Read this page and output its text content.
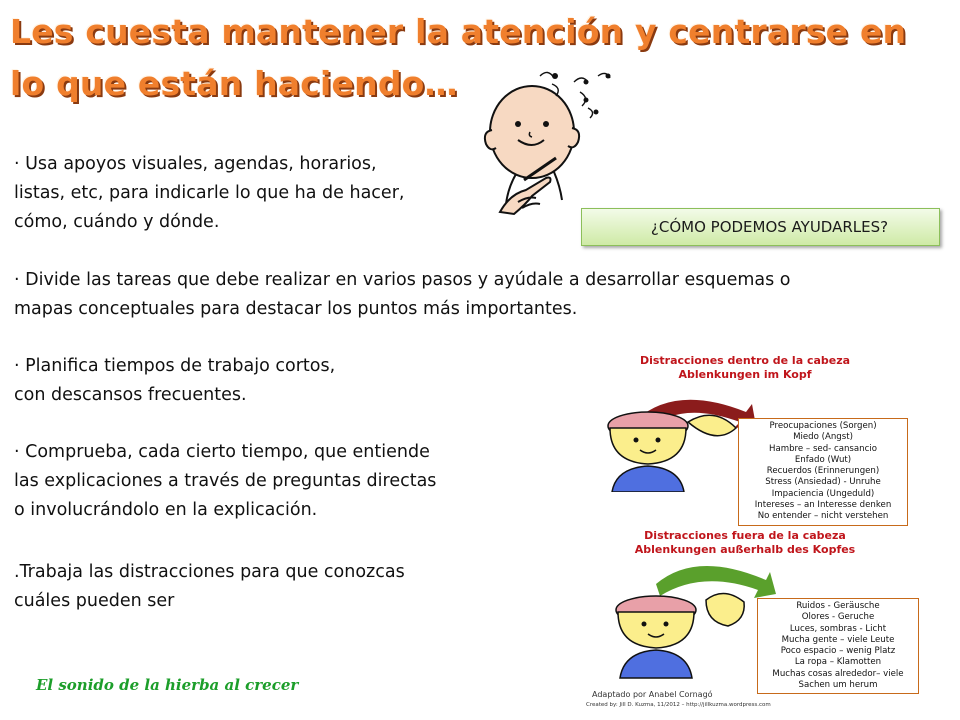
Les cuesta mantener la atención y centrarse en lo que están haciendo…
¿CÓMO PODEMOS AYUDARLES?
· Usa apoyos visuales, agendas, horarios,
listas, etc, para indicarle lo que ha de hacer,
cómo, cuándo y dónde.
· Divide las tareas que debe realizar en varios pasos y ayúdale a desarrollar esquemas o
mapas conceptuales para destacar los puntos más importantes.
· Planifica tiempos de trabajo cortos,
con descansos frecuentes.
· Comprueba, cada cierto tiempo, que entiende
las explicaciones a través de preguntas directas
o involucrándolo en la explicación.
.Trabaja las distracciones para que conozcas
cuáles pueden ser
El sonido de la hierba al crecer
Distracciones dentro de la cabeza
Ablenkungen im Kopf
Preocupaciones (Sorgen)
Miedo (Angst)
Hambre – sed- cansancio
Enfado (Wut)
Recuerdos (Erinnerungen)
Stress (Ansiedad) - Unruhe
Impaciencia (Ungeduld)
Intereses – an Interesse denken
No entender – nicht verstehen
Distracciones fuera de la cabeza
Ablenkungen außerhalb des Kopfes
Ruidos - Geräusche
Olores - Geruche
Luces, sombras - Licht
Mucha gente – viele Leute
Poco espacio – wenig Platz
La ropa – Klamotten
Muchas cosas alrededor– viele
Sachen um herum
Adaptado por Anabel Cornagó
Created by: Jill D. Kuzma, 11/2012 – http://jillkuzma.wordpress.com
